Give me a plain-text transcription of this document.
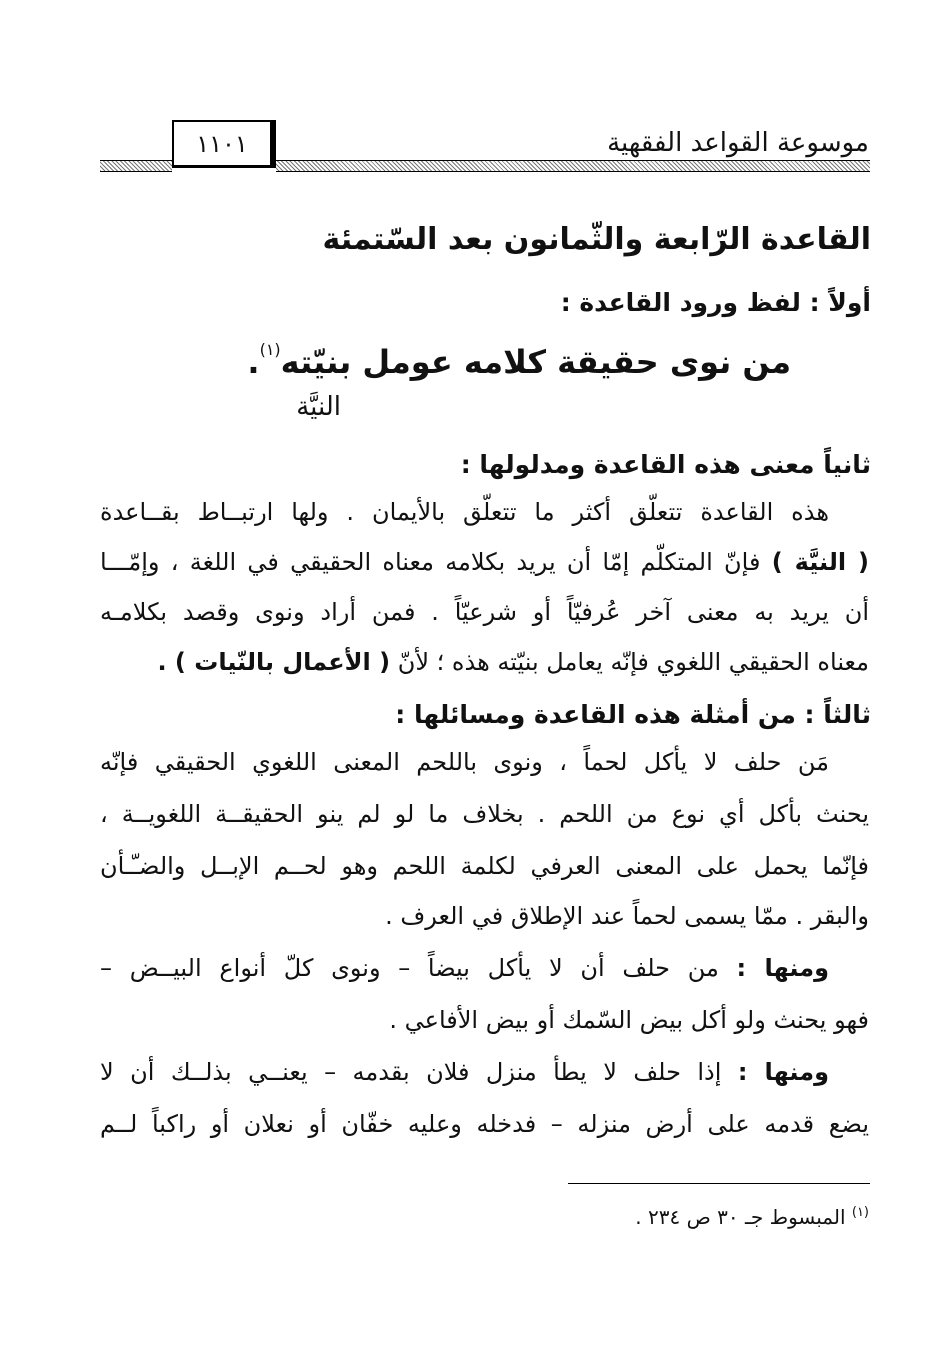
١١٠١	موسوعة القواعد الفقهية
القاعدة الرّابعة والثّمانون بعد السّتمئة
أولاً : لفظ ورود القاعدة :
من نوى حقيقة كلامه عومل بنيّته$^{(١)}$.
النيَّة
ثانياً معنى هذه القاعدة ومدلولها :
هذه القاعدة تتعلّق أكثر ما تتعلّق بالأيمان . ولها ارتبــاط بقــاعدة
( النيَّة ) فإنّ المتكلّم إمّا أن يريد بكلامه معناه الحقيقي في اللغة ، وإمّـــا
أن يريد به معنى آخر عُرفيّاً أو شرعيّاً . فمن أراد ونوى وقصد بكلامـه
معناه الحقيقي اللغوي فإنّه يعامل بنيّته هذه ؛ لأنّ ( الأعمال بالنّيات ) .
ثالثاً : من أمثلة هذه القاعدة ومسائلها :
مَن حلف لا يأكل لحماً ، ونوى باللحم المعنى اللغوي الحقيقي فإنّه
يحنث بأكل أي نوع من اللحم . بخلاف ما لو لم ينو الحقيقــة اللغويــة ،
فإنّما يحمل على المعنى العرفي لكلمة اللحم وهو لحــم الإبــل والضـّـأن
والبقر . ممّا يسمى لحماً عند الإطلاق في العرف .
ومنها : من حلف أن لا يأكل بيضاً – ونوى كلّ أنواع البيــض –
فهو يحنث ولو أكل بيض السّمك أو بيض الأفاعي .
ومنها : إذا حلف لا يطأ منزل فلان بقدمه – يعنــي بذلــك أن لا
يضع قدمه على أرض منزله – فدخله وعليه خفّان أو نعلان أو راكباً لــم
$^{(١)}$ المبسوط جـ ٣٠ ص ٢٣٤ .
